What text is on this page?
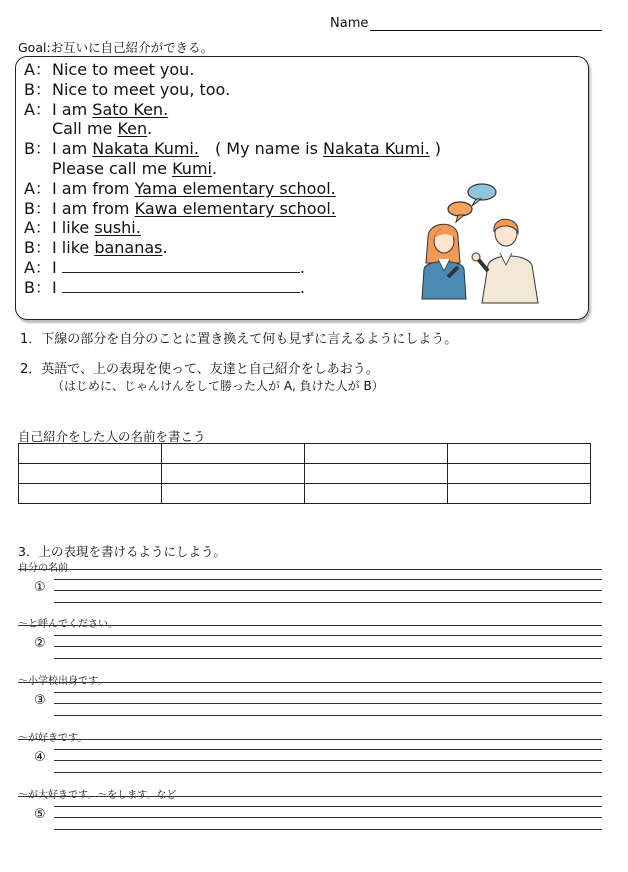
Name
Goal:お互いに自己紹介ができる。
A：Nice to meet you.
B：Nice to meet you, too.
A：I am Sato Ken.
Call me Ken.
B：I am Nakata Kumi.　( My name is Nakata Kumi. )
Please call me Kumi.
A：I am from Yama elementary school.
B：I am from Kawa elementary school.
A：I like sushi.
B：I like bananas.
A：I	.
B：I	.
1．下線の部分を自分のことに置き換えて何も見ずに言えるようにしよう。
2．英語で、上の表現を使って、友達と自己紹介をしあおう。
（はじめに、じゃんけんをして勝った人が A, 負けた人が B）
自己紹介をした人の名前を書こう

3．上の表現を書けるようにしよう。
自分の名前
①
～と呼んでください。
②
～小学校出身です。
③
～が好きです。
④
～が大好きです。～をします。など
⑤
